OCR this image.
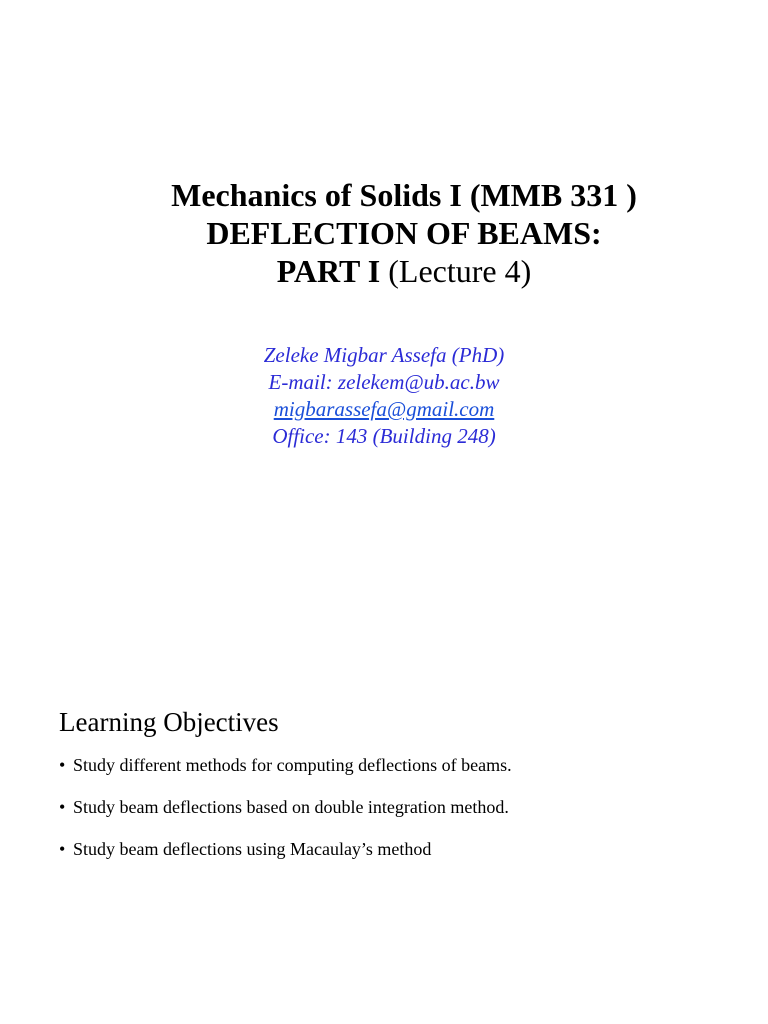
Mechanics of Solids I (MMB 331 )
DEFLECTION OF BEAMS:
PART I (Lecture 4)
Zeleke Migbar Assefa (PhD)
E-mail: zelekem@ub.ac.bw
migbarassefa@gmail.com
Office: 143 (Building 248)
Learning Objectives
• Study different methods for computing deflections of beams.
• Study beam deflections based on double integration method.
• Study beam deflections using Macaulay’s method
